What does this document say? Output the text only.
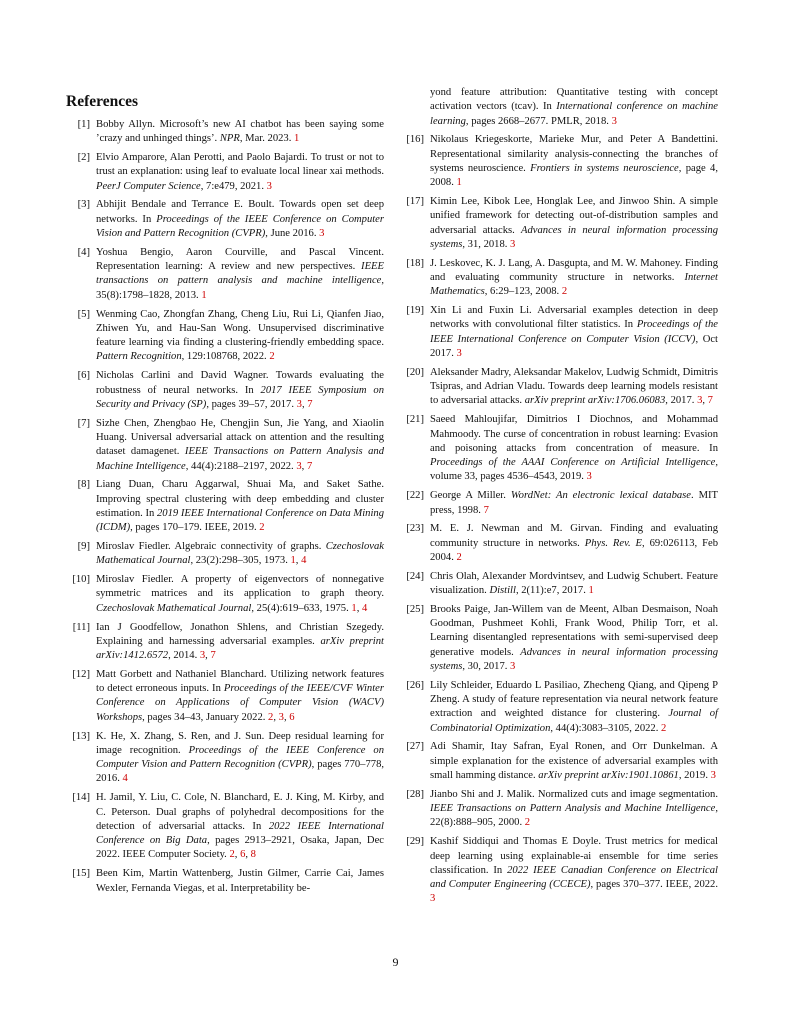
References
[1] Bobby Allyn. Microsoft’s new AI chatbot has been saying some ’crazy and unhinged things’. NPR, Mar. 2023. 1
[2] Elvio Amparore, Alan Perotti, and Paolo Bajardi. To trust or not to trust an explanation: using leaf to evaluate local linear xai methods. PeerJ Computer Science, 7:e479, 2021. 3
[3] Abhijit Bendale and Terrance E. Boult. Towards open set deep networks. In Proceedings of the IEEE Conference on Computer Vision and Pattern Recognition (CVPR), June 2016. 3
[4] Yoshua Bengio, Aaron Courville, and Pascal Vincent. Representation learning: A review and new perspectives. IEEE transactions on pattern analysis and machine intelligence, 35(8):1798–1828, 2013. 1
[5] Wenming Cao, Zhongfan Zhang, Cheng Liu, Rui Li, Qianfen Jiao, Zhiwen Yu, and Hau-San Wong. Unsupervised discriminative feature learning via finding a clustering-friendly embedding space. Pattern Recognition, 129:108768, 2022. 2
[6] Nicholas Carlini and David Wagner. Towards evaluating the robustness of neural networks. In 2017 IEEE Symposium on Security and Privacy (SP), pages 39–57, 2017. 3, 7
[7] Sizhe Chen, Zhengbao He, Chengjin Sun, Jie Yang, and Xiaolin Huang. Universal adversarial attack on attention and the resulting dataset damagenet. IEEE Transactions on Pattern Analysis and Machine Intelligence, 44(4):2188–2197, 2022. 3, 7
[8] Liang Duan, Charu Aggarwal, Shuai Ma, and Saket Sathe. Improving spectral clustering with deep embedding and cluster estimation. In 2019 IEEE International Conference on Data Mining (ICDM), pages 170–179. IEEE, 2019. 2
[9] Miroslav Fiedler. Algebraic connectivity of graphs. Czechoslovak Mathematical Journal, 23(2):298–305, 1973. 1, 4
[10] Miroslav Fiedler. A property of eigenvectors of nonnegative symmetric matrices and its application to graph theory. Czechoslovak Mathematical Journal, 25(4):619–633, 1975. 1, 4
[11] Ian J Goodfellow, Jonathon Shlens, and Christian Szegedy. Explaining and harnessing adversarial examples. arXiv preprint arXiv:1412.6572, 2014. 3, 7
[12] Matt Gorbett and Nathaniel Blanchard. Utilizing network features to detect erroneous inputs. In Proceedings of the IEEE/CVF Winter Conference on Applications of Computer Vision (WACV) Workshops, pages 34–43, January 2022. 2, 3, 6
[13] K. He, X. Zhang, S. Ren, and J. Sun. Deep residual learning for image recognition. Proceedings of the IEEE Conference on Computer Vision and Pattern Recognition (CVPR), pages 770–778, 2016. 4
[14] H. Jamil, Y. Liu, C. Cole, N. Blanchard, E. J. King, M. Kirby, and C. Peterson. Dual graphs of polyhedral decompositions for the detection of adversarial attacks. In 2022 IEEE International Conference on Big Data, pages 2913–2921, Osaka, Japan, Dec 2022. IEEE Computer Society. 2, 6, 8
[15] Been Kim, Martin Wattenberg, Justin Gilmer, Carrie Cai, James Wexler, Fernanda Viegas, et al. Interpretability be-
yond feature attribution: Quantitative testing with concept activation vectors (tcav). In International conference on machine learning, pages 2668–2677. PMLR, 2018. 3
[16] Nikolaus Kriegeskorte, Marieke Mur, and Peter A Bandettini. Representational similarity analysis-connecting the branches of systems neuroscience. Frontiers in systems neuroscience, page 4, 2008. 1
[17] Kimin Lee, Kibok Lee, Honglak Lee, and Jinwoo Shin. A simple unified framework for detecting out-of-distribution samples and adversarial attacks. Advances in neural information processing systems, 31, 2018. 3
[18] J. Leskovec, K. J. Lang, A. Dasgupta, and M. W. Mahoney. Finding and evaluating community structure in networks. Internet Mathematics, 6:29–123, 2008. 2
[19] Xin Li and Fuxin Li. Adversarial examples detection in deep networks with convolutional filter statistics. In Proceedings of the IEEE International Conference on Computer Vision (ICCV), Oct 2017. 3
[20] Aleksander Madry, Aleksandar Makelov, Ludwig Schmidt, Dimitris Tsipras, and Adrian Vladu. Towards deep learning models resistant to adversarial attacks. arXiv preprint arXiv:1706.06083, 2017. 3, 7
[21] Saeed Mahloujifar, Dimitrios I Diochnos, and Mohammad Mahmoody. The curse of concentration in robust learning: Evasion and poisoning attacks from concentration of measure. In Proceedings of the AAAI Conference on Artificial Intelligence, volume 33, pages 4536–4543, 2019. 3
[22] George A Miller. WordNet: An electronic lexical database. MIT press, 1998. 7
[23] M. E. J. Newman and M. Girvan. Finding and evaluating community structure in networks. Phys. Rev. E, 69:026113, Feb 2004. 2
[24] Chris Olah, Alexander Mordvintsev, and Ludwig Schubert. Feature visualization. Distill, 2(11):e7, 2017. 1
[25] Brooks Paige, Jan-Willem van de Meent, Alban Desmaison, Noah Goodman, Pushmeet Kohli, Frank Wood, Philip Torr, et al. Learning disentangled representations with semi-supervised deep generative models. Advances in neural information processing systems, 30, 2017. 3
[26] Lily Schleider, Eduardo L Pasiliao, Zhecheng Qiang, and Qipeng P Zheng. A study of feature representation via neural network feature extraction and weighted distance for clustering. Journal of Combinatorial Optimization, 44(4):3083–3105, 2022. 2
[27] Adi Shamir, Itay Safran, Eyal Ronen, and Orr Dunkelman. A simple explanation for the existence of adversarial examples with small hamming distance. arXiv preprint arXiv:1901.10861, 2019. 3
[28] Jianbo Shi and J. Malik. Normalized cuts and image segmentation. IEEE Transactions on Pattern Analysis and Machine Intelligence, 22(8):888–905, 2000. 2
[29] Kashif Siddiqui and Thomas E Doyle. Trust metrics for medical deep learning using explainable-ai ensemble for time series classification. In 2022 IEEE Canadian Conference on Electrical and Computer Engineering (CCECE), pages 370–377. IEEE, 2022. 3
9
